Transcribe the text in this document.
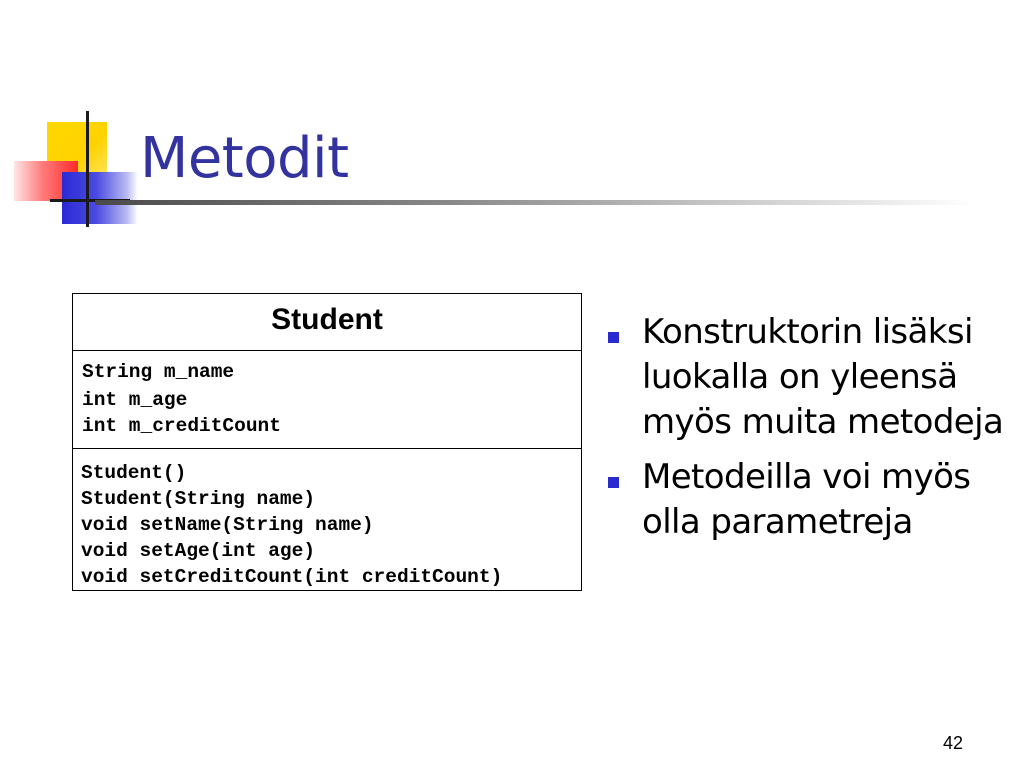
Metodit
Student
String m_name
int m_age
int m_creditCount
Student()
Student(String name)
void setName(String name)
void setAge(int age)
void setCreditCount(int creditCount)
Konstruktorin lisäksi luokalla on yleensä myös muita metodeja
Metodeilla voi myös olla parametreja
42
